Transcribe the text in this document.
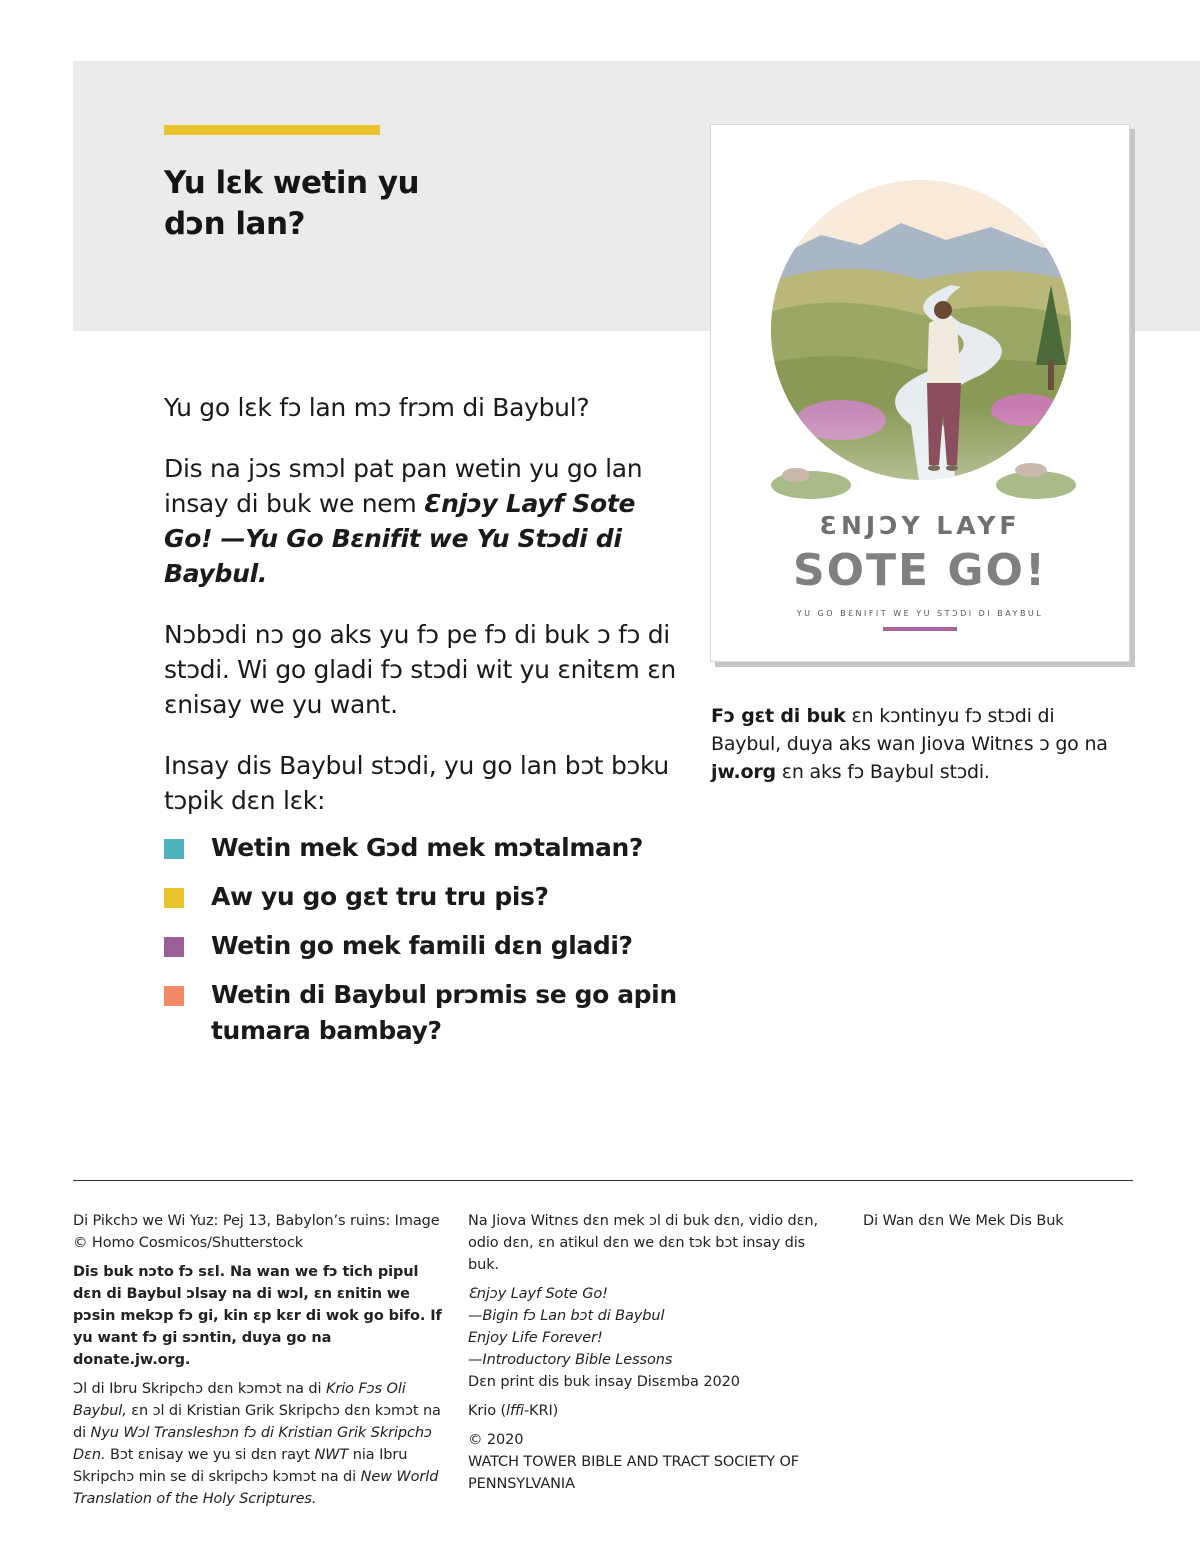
Yu lɛk wetin yu
dɔn lan?

Yu go lɛk fɔ lan mɔ frɔm di Baybul?

Dis na jɔs smɔl pat pan wetin yu go lan insay di buk we nem Ɛnjɔy Layf Sote Go! —Yu Go Bɛnifit we Yu Stɔdi di Baybul.

Nɔbɔdi nɔ go aks yu fɔ pe fɔ di buk ɔ fɔ di stɔdi. Wi go gladi fɔ stɔdi wit yu ɛnitɛm ɛn ɛnisay we yu want.

Insay dis Baybul stɔdi, yu go lan bɔt bɔku tɔpik dɛn lɛk:

Wetin mek Gɔd mek mɔtalman?
Aw yu go gɛt tru tru pis?
Wetin go mek famili dɛn gladi?
Wetin di Baybul prɔmis se go apin tumara bambay?
ƐNJƆY LAYF
SOTE GO!
YU GO BƐNIFIT WE YU STƆDI DI BAYBUL

Fɔ gɛt di buk ɛn kɔntinyu fɔ stɔdi di Baybul, duya aks wan Jiova Witnɛs ɔ go na jw.org ɛn aks fɔ Baybul stɔdi.

Di Pikchɔ we Wi Yuz: Pej 13, Babylon’s ruins: Image © Homo Cosmicos/Shutterstock

Dis buk nɔto fɔ sɛl. Na wan we fɔ tich pipul dɛn di Baybul ɔlsay na di wɔl, ɛn ɛnitin we pɔsin mekɔp fɔ gi, kin ɛp kɛr di wok go bifo. If yu want fɔ gi sɔntin, duya go na donate.jw.org.

Ɔl di Ibru Skripchɔ dɛn kɔmɔt na di Krio Fɔs Oli Baybul, ɛn ɔl di Kristian Grik Skripchɔ dɛn kɔmɔt na di Nyu Wɔl Transleshɔn fɔ di Kristian Grik Skripchɔ Dɛn. Bɔt ɛnisay we yu si dɛn rayt NWT nia Ibru Skripchɔ min se di skripchɔ kɔmɔt na di New World Translation of the Holy Scriptures.

Na Jiova Witnɛs dɛn mek ɔl di buk dɛn, vidio dɛn, odio dɛn, ɛn atikul dɛn we dɛn tɔk bɔt insay dis buk.

Ɛnjɔy Layf Sote Go!
—Bigin fɔ Lan bɔt di Baybul
Enjoy Life Forever!
—Introductory Bible Lessons
Dɛn print dis buk insay Disɛmba 2020

Krio (lffi-KRI)

© 2020
WATCH TOWER BIBLE AND TRACT SOCIETY OF PENNSYLVANIA

Di Wan dɛn We Mek Dis Buk
